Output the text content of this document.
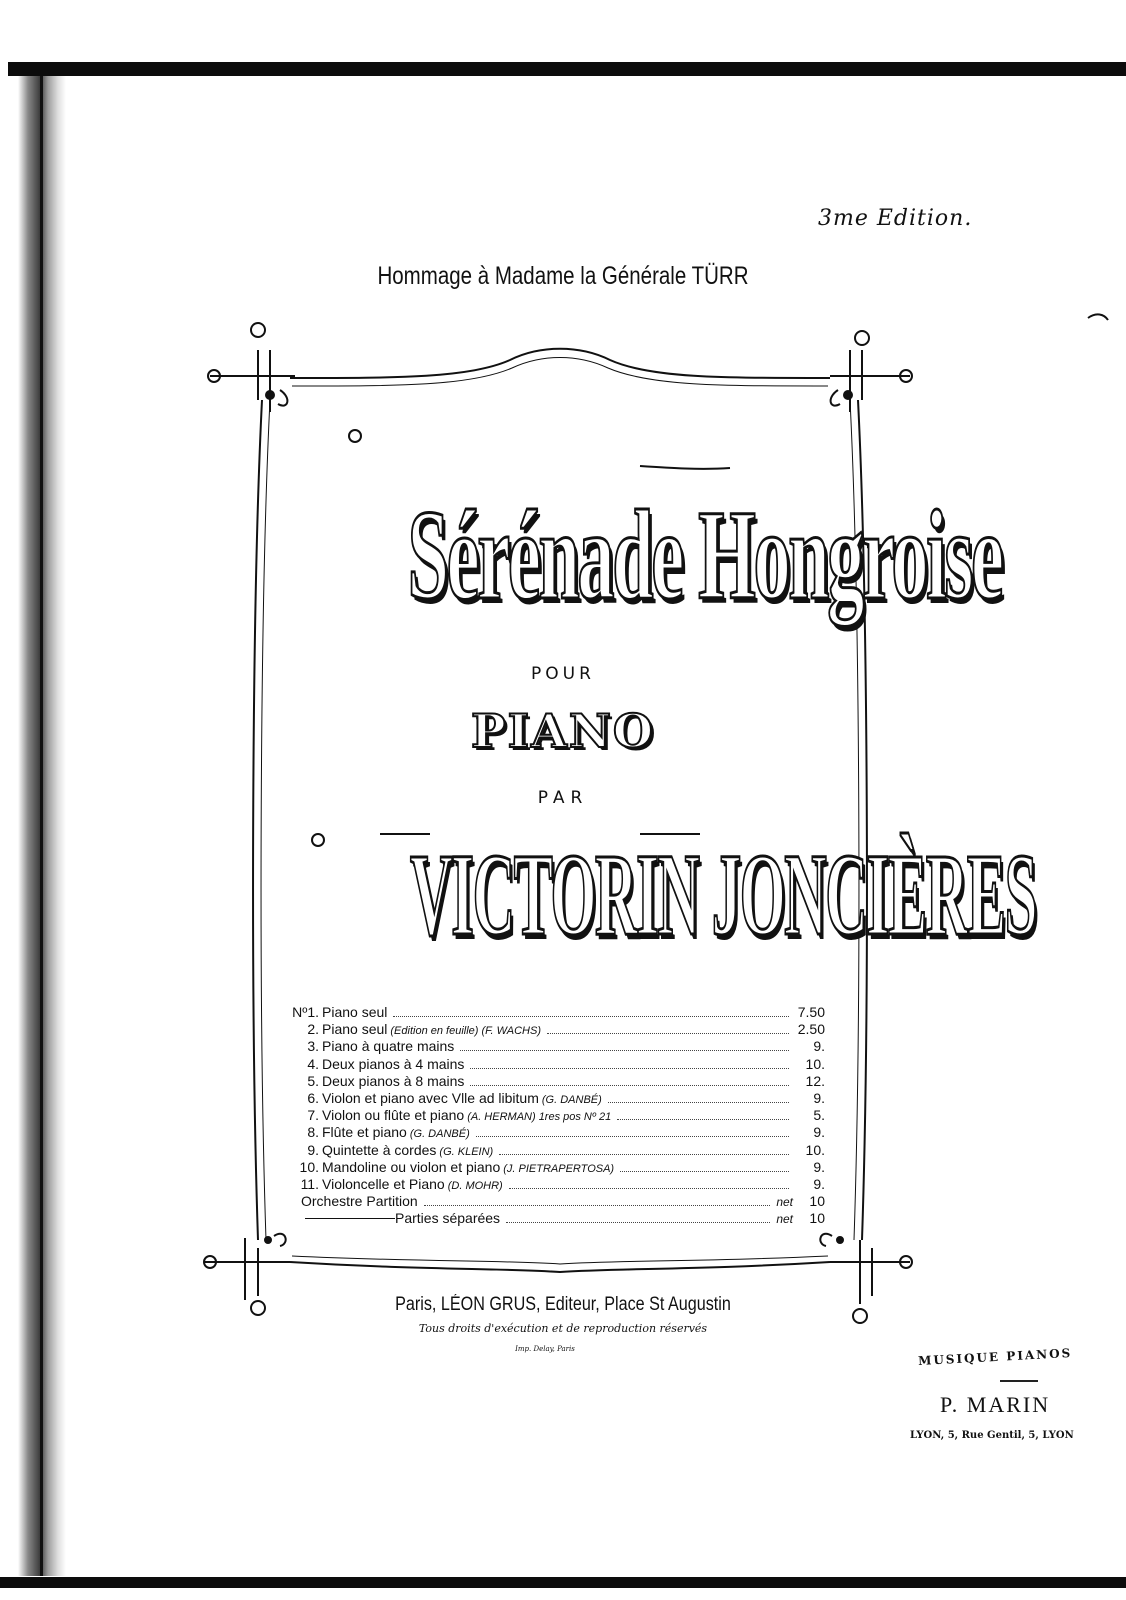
3me Edition.
Hommage à Madame la Générale TÜRR
Sérénade Hongroise
POUR
PIANO
PAR
VICTORIN JONCIÈRES
Nº1. Piano seul	7.50
2. Piano seul (Edition en feuille) (F. WACHS)	2.50
3. Piano à quatre mains	9.
4. Deux pianos à 4 mains	10.
5. Deux pianos à 8 mains	12.
6. Violon et piano avec Vlle ad libitum (G. DANBÉ)	9.
7. Violon ou flûte et piano (A. HERMAN) 1res pos Nº 21	5.
8. Flûte et piano (G. DANBÉ)	9.
9. Quintette à cordes (G. KLEIN)	10.
10. Mandoline ou violon et piano (J. PIETRAPERTOSA)	9.
11. Violoncelle et Piano (D. MOHR)	9.
Orchestre Partition	net	10
Parties séparées	net	10
Paris, LÉON GRUS, Editeur, Place St Augustin
Tous droits d'exécution et de reproduction réservés
Imp. Delay, Paris	MUSIQUE PIANOS
P. MARIN
LYON, 5, Rue Gentil, 5, LYON
